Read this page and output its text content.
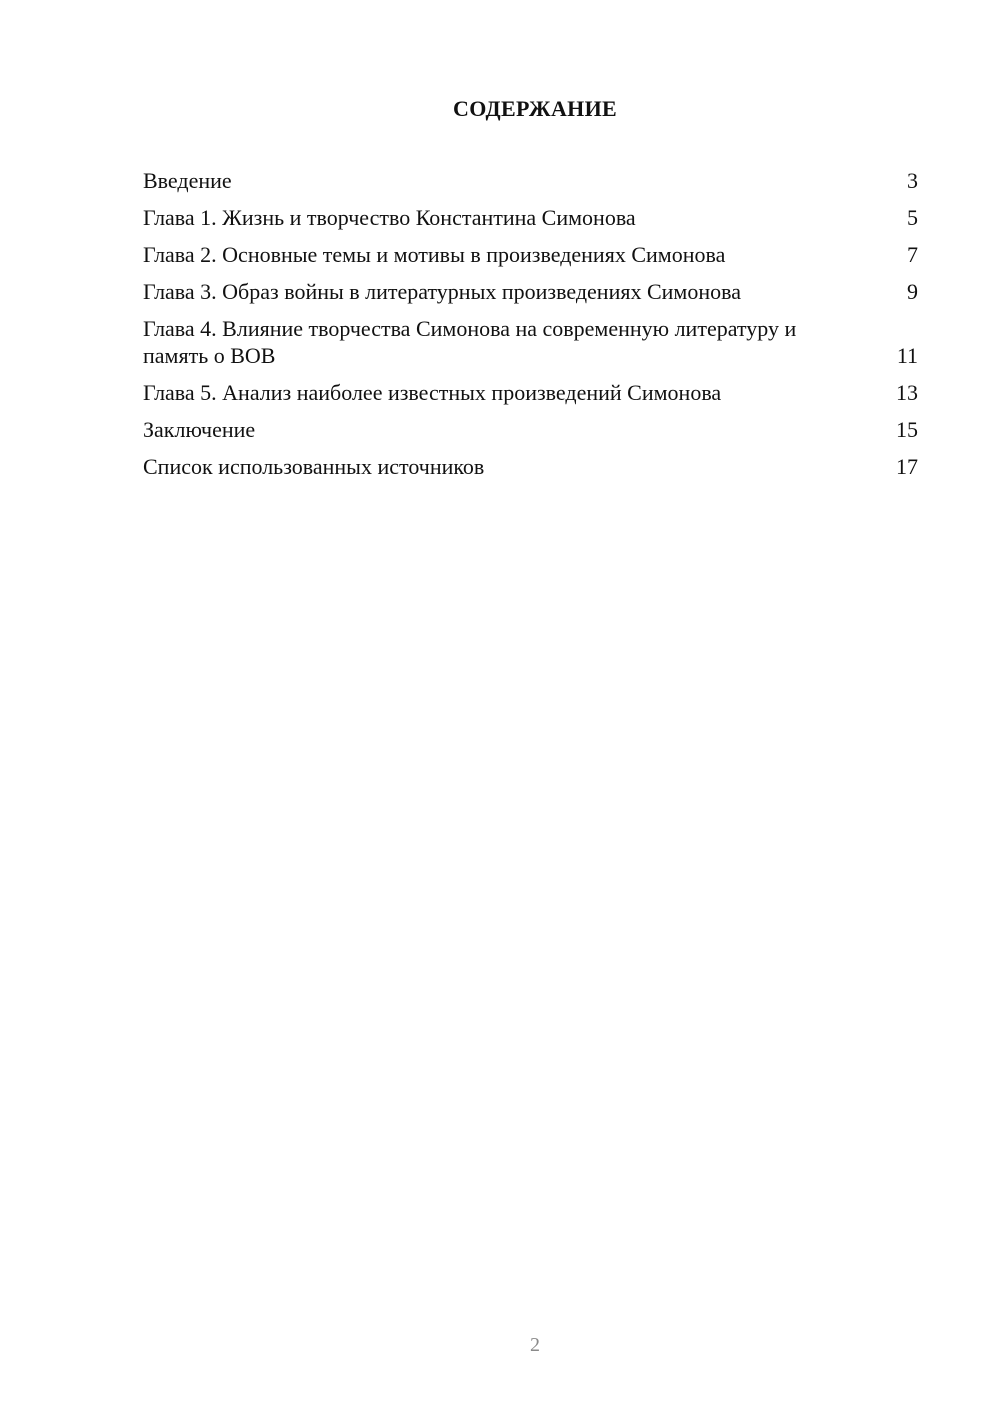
СОДЕРЖАНИЕ
Введение	3
Глава 1. Жизнь и творчество Константина Симонова	5
Глава 2. Основные темы и мотивы в произведениях Симонова	7
Глава 3. Образ войны в литературных произведениях Симонова	9
Глава 4. Влияние творчества Симонова на современную литературу и память о ВОВ	11
Глава 5. Анализ наиболее известных произведений Симонова	13
Заключение	15
Список использованных источников	17
2
